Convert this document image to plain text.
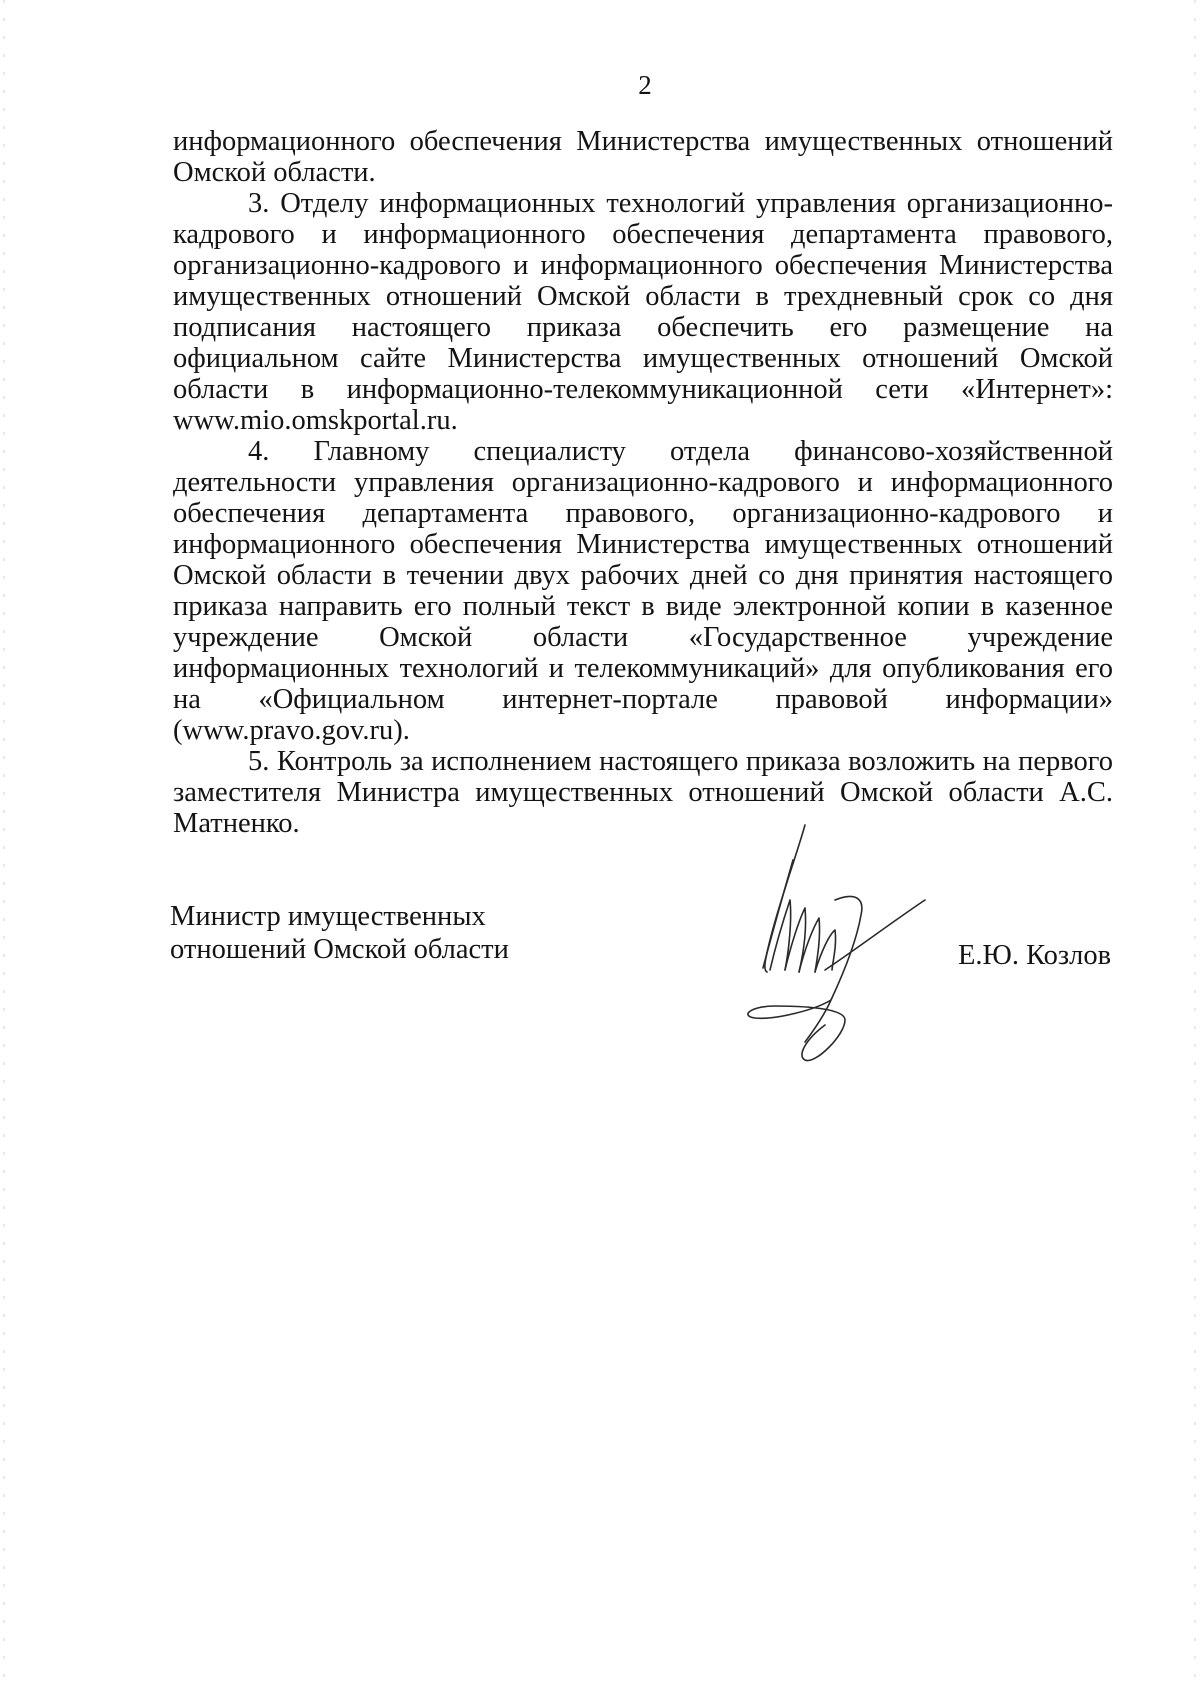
2

информационного обеспечения Министерства имущественных отношений Омской области.

3. Отделу информационных технологий управления организационно-кадрового и информационного обеспечения департамента правового, организационно-кадрового и информационного обеспечения Министерства имущественных отношений Омской области в трехдневный срок со дня подписания настоящего приказа обеспечить его размещение на официальном сайте Министерства имущественных отношений Омской области в информационно-телекоммуникационной сети «Интернет»: www.mio.omskportal.ru.

4. Главному специалисту отдела финансово-хозяйственной деятельности управления организационно-кадрового и информационного обеспечения департамента правового, организационно-кадрового и информационного обеспечения Министерства имущественных отношений Омской области в течении двух рабочих дней со дня принятия настоящего приказа направить его полный текст в виде электронной копии в казенное учреждение Омской области «Государственное учреждение информационных технологий и телекоммуникаций» для опубликования его на «Официальном интернет-портале правовой информации» (www.pravo.gov.ru).

5. Контроль за исполнением настоящего приказа возложить на первого заместителя Министра имущественных отношений Омской области А.С. Матненко.

Министр имущественных
отношений Омской области	Е.Ю. Козлов
